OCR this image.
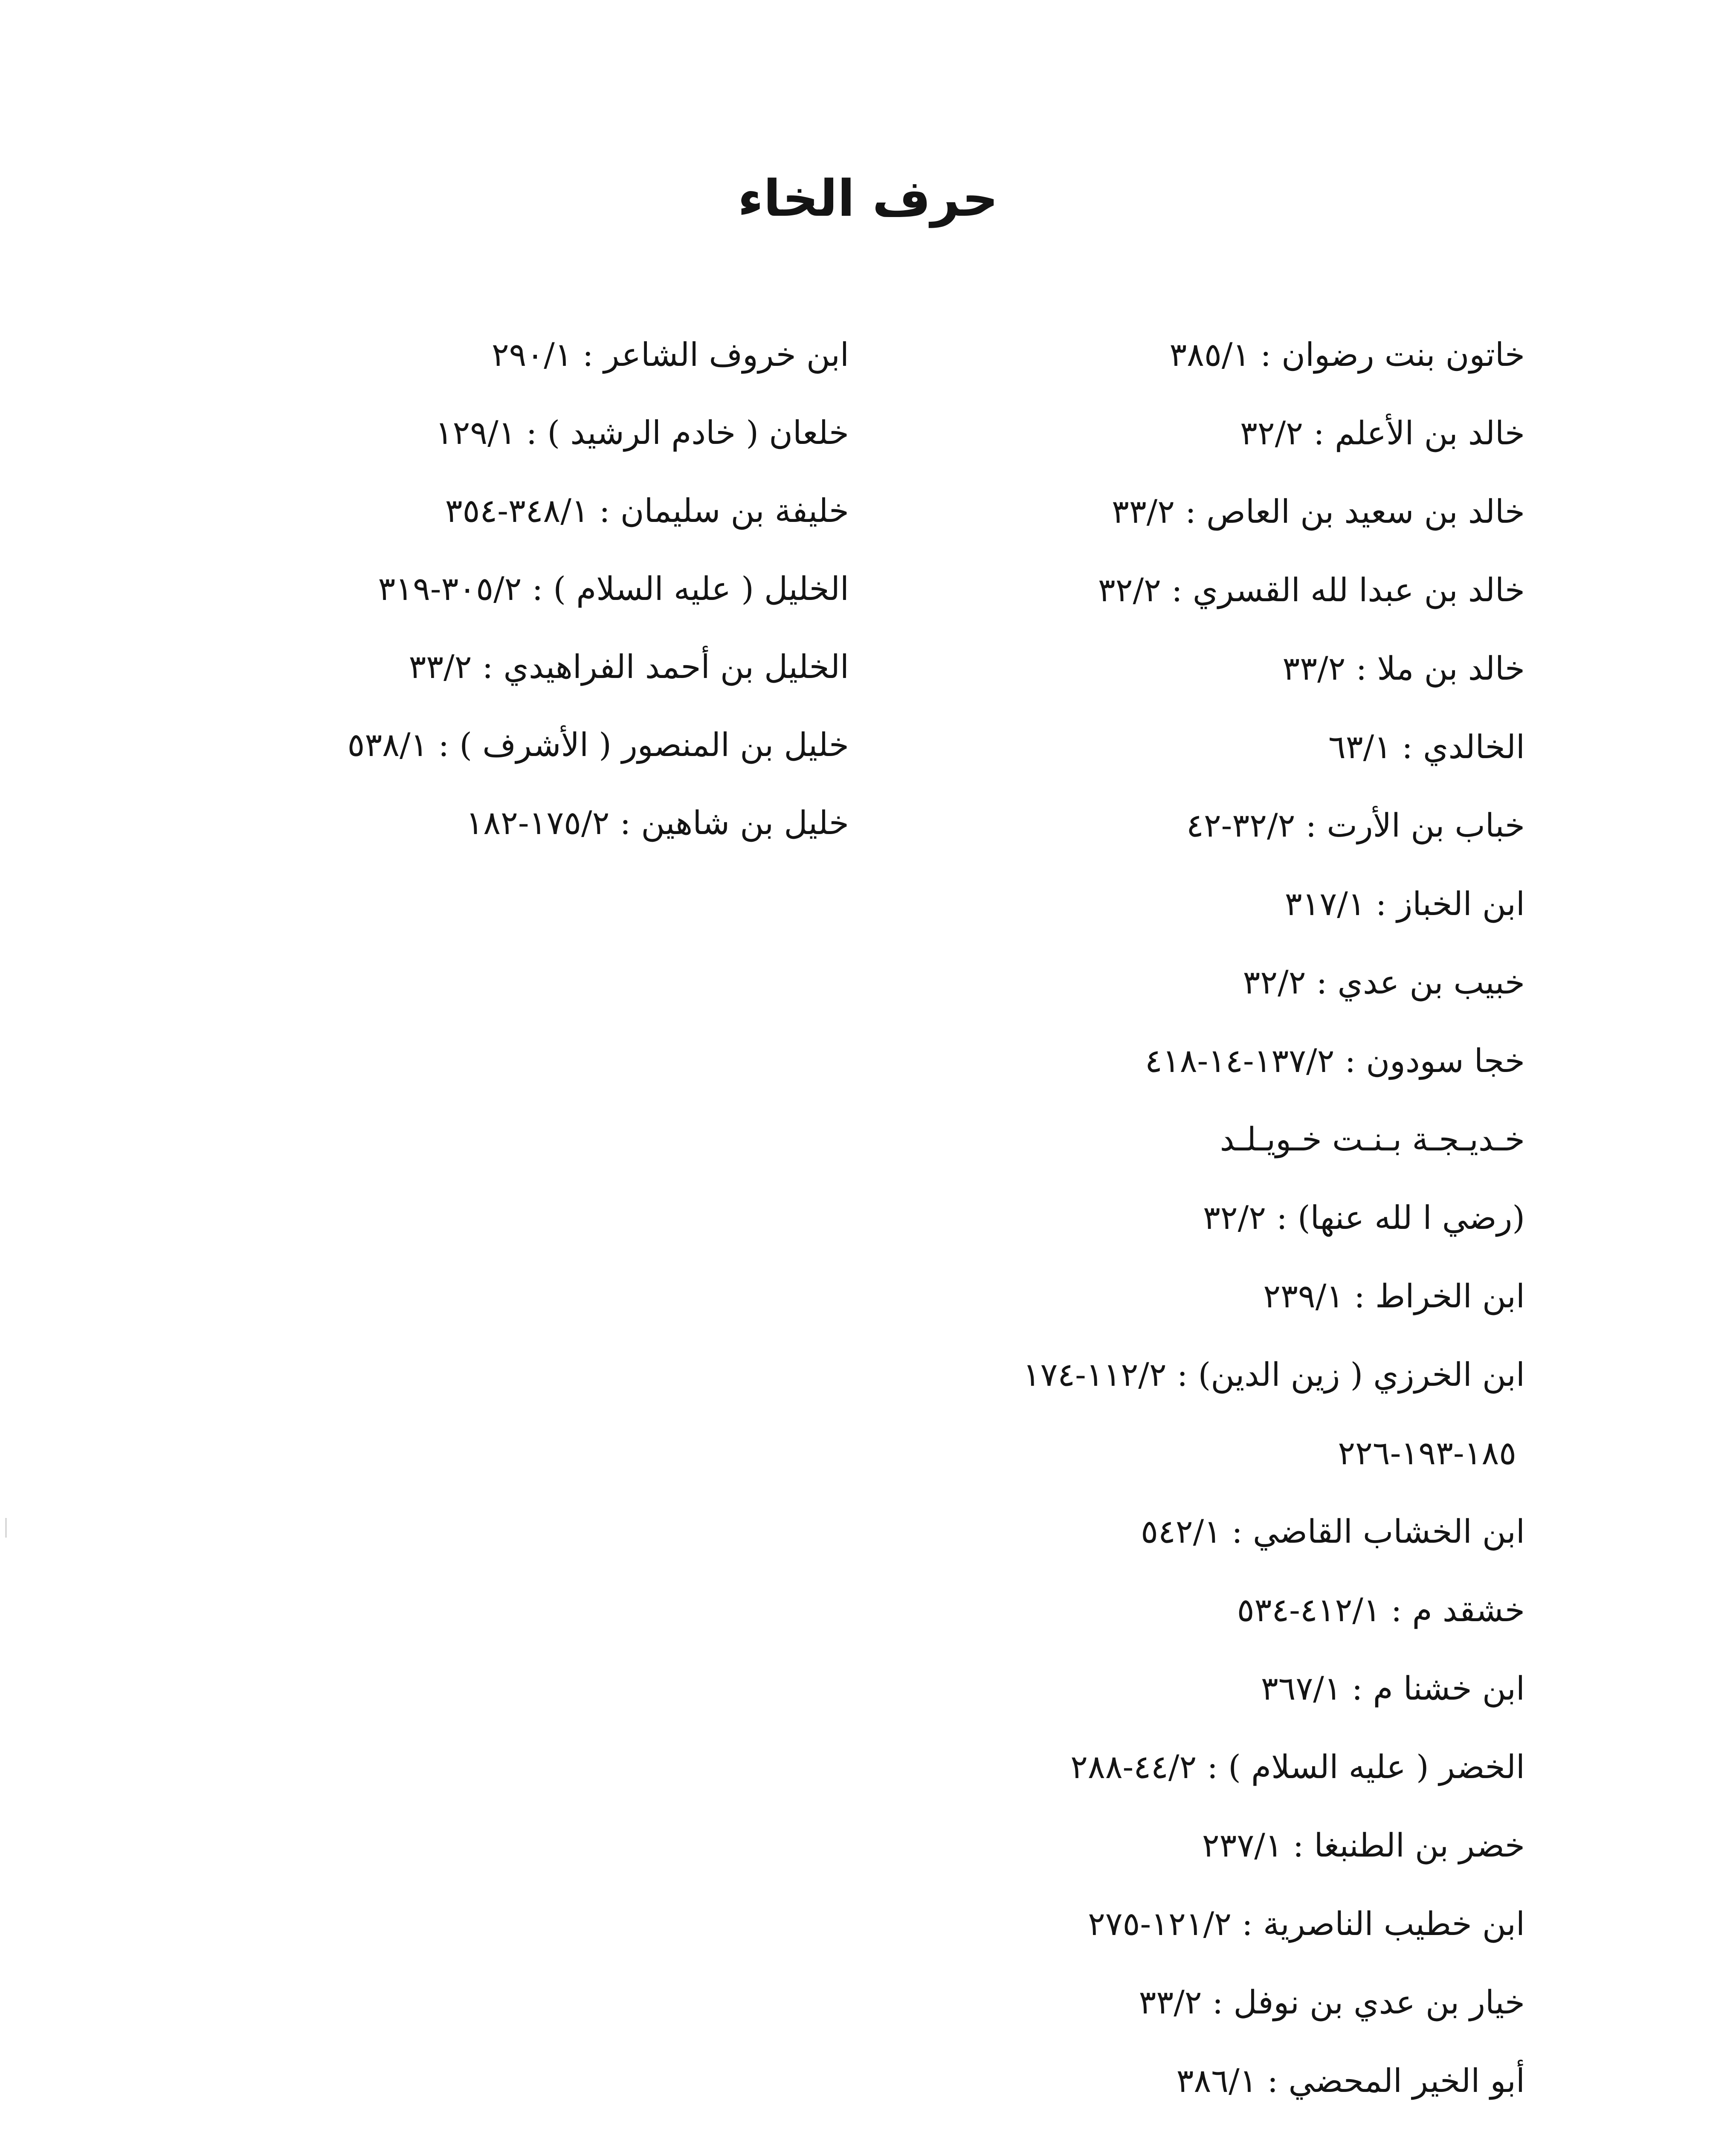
حرف الخاء
خاتون بنت رضوان : ٣٨٥/١
خالد بن الأعلم : ٣٢/٢
خالد بن سعيد بن العاص : ٣٣/٢
خالد بن عبدا لله القسري : ٣٢/٢
خالد بن ملا : ٣٣/٢
الخالدي : ٦٣/١
خباب بن الأرت : ٣٢/٢-٤٢
ابن الخباز : ٣١٧/١
خبيب بن عدي : ٣٢/٢
خجا سودون : ١٣٧/٢-١٤-٤١٨
خـديـجـة بـنـت خـويـلـد
(رضي ا لله عنها) : ٣٢/٢
ابن الخراط : ٢٣٩/١
ابن الخرزي ( زين الدين) : ١١٢/٢-١٧٤
١٨٥-١٩٣-٢٢٦
ابن الخشاب القاضي : ٥٤٢/١
خشقد م : ٤١٢/١-٥٣٤
ابن خشنا م : ٣٦٧/١
الخضر ( عليه السلام ) : ٤٤/٢-٢٨٨
خضر بن الطنبغا : ٢٣٧/١
ابن خطيب الناصرية : ١٢١/٢-٢٧٥
خيار بن عدي بن نوفل : ٣٣/٢
أبو الخير المحضي : ٣٨٦/١
ابن خروف الشاعر : ٢٩٠/١
خلعان ( خادم الرشيد ) : ١٢٩/١
خليفة بن سليمان : ٣٤٨/١-٣٥٤
الخليل ( عليه السلام ) : ٣٠٥/٢-٣١٩
الخليل بن أحمد الفراهيدي : ٣٣/٢
خليل بن المنصور ( الأشرف ) : ٥٣٨/١
خليل بن شاهين : ١٧٥/٢-١٨٢
